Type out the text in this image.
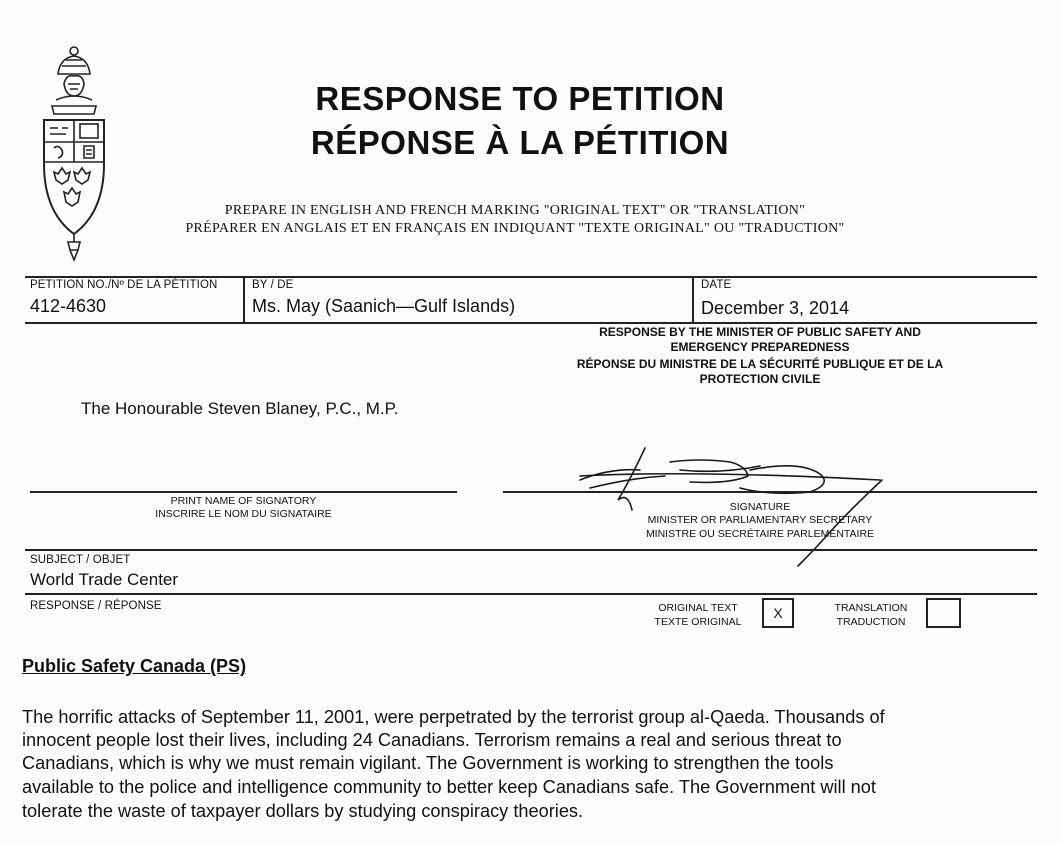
RESPONSE TO PETITION
RÉPONSE À LA PÉTITION
PREPARE IN ENGLISH AND FRENCH MARKING "ORIGINAL TEXT" OR "TRANSLATION"
PRÉPARER EN ANGLAIS ET EN FRANÇAIS EN INDIQUANT "TEXTE ORIGINAL" OU "TRADUCTION"
PETITION NO./Nº DE LA PÉTITION
412-4630
BY / DE
Ms. May (Saanich—Gulf Islands)
DATE
December 3, 2014
RESPONSE BY THE MINISTER OF PUBLIC SAFETY AND
EMERGENCY PREPAREDNESS
RÉPONSE DU MINISTRE DE LA SÉCURITÉ PUBLIQUE ET DE LA
PROTECTION CIVILE
The Honourable Steven Blaney, P.C., M.P.
PRINT NAME OF SIGNATORY
INSCRIRE LE NOM DU SIGNATAIRE
SIGNATURE
MINISTER OR PARLIAMENTARY SECRETARY
MINISTRE OU SECRÉTAIRE PARLEMENTAIRE
SUBJECT / OBJET
World Trade Center
RESPONSE / RÉPONSE	ORIGINAL TEXT
TEXTE ORIGINAL
X	TRANSLATION
TRADUCTION
Public Safety Canada (PS)
The horrific attacks of September 11, 2001, were perpetrated by the terrorist group al-Qaeda. Thousands of
innocent people lost their lives, including 24 Canadians. Terrorism remains a real and serious threat to
Canadians, which is why we must remain vigilant. The Government is working to strengthen the tools
available to the police and intelligence community to better keep Canadians safe. The Government will not
tolerate the waste of taxpayer dollars by studying conspiracy theories.
